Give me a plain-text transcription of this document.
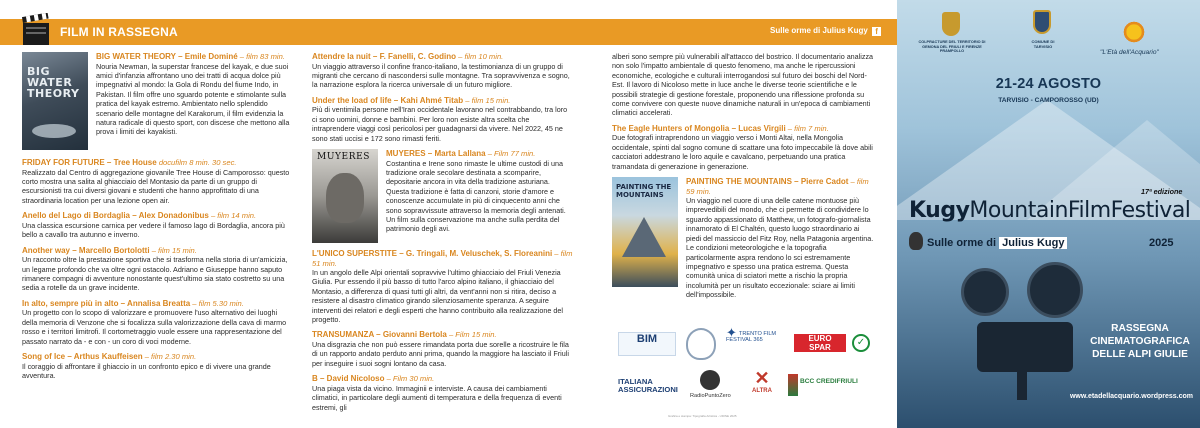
FILM IN RASSEGNA	Sulle orme di Julius Kugy f
BIG WATER THEORY
BIG WATER THEORY – Emile Dominé – film 83 min.
Nouria Newman, la superstar francese del kayak, e due suoi amici d'infanzia affrontano uno dei tratti di acqua dolce più impegnativi al mondo: la Gola di Rondu del fiume Indo, in Pakistan. Il film offre uno sguardo potente e stimolante sulla pratica del kayak estremo. Ambientato nello splendido scenario delle montagne del Karakorum, il film evidenzia la natura radicale di questo sport, con discese che mettono alla prova i limiti dei kayakisti.
FRIDAY FOR FUTURE – Tree House docufilm 8 min. 30 sec.
Realizzato dal Centro di aggregazione giovanile Tree House di Camporosso: questo corto mostra una salita al ghiacciaio del Montasio da parte di un gruppo di escursionisti tra cui diversi giovani e studenti che hanno approfittato di una straordinaria location per una lezione open air.
Anello del Lago di Bordaglia – Alex Donadonibus – film 14 min.
Una classica escursione carnica per vedere il famoso lago di Bordaglia, ancora più bello a cavallo tra autunno e inverno.
Another way – Marcello Bortolotti – film 15 min.
Un racconto oltre la prestazione sportiva che si trasforma nella storia di un'amicizia, un legame profondo che va oltre ogni ostacolo. Adriano e Giuseppe hanno saputo rimanere compagni di avventure nonostante quest'ultimo sia stato costretto su una sedia a rotelle da un grave incidente.
In alto, sempre più in alto – Annalisa Breatta – film 5.30 min.
Un progetto con lo scopo di valorizzare e promuovere l'uso alternativo dei luoghi della memoria di Venzone che si focalizza sulla valorizzazione della cava di marmo rosso e i territori limitrofi. Il cortometraggio vuole essere una rappresentazione del passato narrato da - e con - un coro di voci moderne.
Song of Ice – Arthus Kauffeisen – film 2.30 min.
Il coraggio di affrontare il ghiaccio in un confronto epico e di vivere una grande avventura.
Attendre la nuit – F. Fanelli, C. Godino – film 10 min.
Un viaggio attraverso il confine franco-italiano, la testimonianza di un gruppo di migranti che cercano di nascondersi sulle montagne. Tra sopravvivenza e sogno, la narrazione esplora la ricerca universale di un futuro migliore.
Under the load of life – Kahi Ahmé Titab – film 15 min.
Più di ventimila persone nell'Iran occidentale lavorano nel contrabbando, tra loro ci sono uomini, donne e bambini. Per loro non esiste altra scelta che intraprendere viaggi così pericolosi per guadagnarsi da vivere. Nel 2022, 45 ne sono stati uccisi e 172 sono rimasti feriti.
MUYERES MUYERES – Marta Lallana – Film 77 min.
Costantina e Irene sono rimaste le ultime custodi di una tradizione orale secolare destinata a scomparire, depositarie ancora in vita della tradizione asturiana. Questa tradizione è fatta di canzoni, storie d'amore e conoscenze accumulate in più di cinquecento anni che sono sopravvissute attraverso la memoria degli antenati. Un film sulla conservazione ma anche sulla perdita del patrimonio degli avi.
L'UNICO SUPERSTITE – G. Tringali, M. Veluschek, S. Floreanini – film 51 min.
In un angolo delle Alpi orientali sopravvive l'ultimo ghiacciaio del Friuli Venezia Giulia. Pur essendo il più basso di tutto l'arco alpino italiano, il ghiacciaio del Montasio, a differenza di quasi tutti gli altri, da vent'anni non si ritira, deciso a resistere al disastro climatico girando silenziosamente speranza. A seguire interventi dei relatori e degli esperti che hanno contribuito alla realizzazione del progetto.
TRANSUMANZA – Giovanni Bertola – Film 15 min.
Una disgrazia che non può essere rimandata porta due sorelle a ricostruire le fila di un rapporto andato perduto anni prima, quando la maggiore ha lasciato il Friuli per inseguire i suoi sogni lontano da casa.
B – David Nicoloso – Film 30 min.
Una piaga vista da vicino. Immaginii e interviste. A causa dei cambiamenti climatici, in particolare degli aumenti di temperatura e della frequenza di eventi estremi, gli
alberi sono sempre più vulnerabili all'attacco del bostrico. Il documentario analizza non solo l'impatto ambientale di questo fenomeno, ma anche le ripercussioni economiche, ecologiche e culturali interrogandosi sul futuro dei boschi del Nord-Est. Il lavoro di Nicoloso mette in luce anche le diverse teorie scientifiche e le possibili strategie di gestione forestale, proponendo una riflessione profonda su come convivere con queste nuove dinamiche naturali in un'epoca di cambiamenti climatici accelerati.
The Eagle Hunters of Mongolia – Lucas Virgili – film 7 min.
Due fotografi intraprendono un viaggio verso i Monti Altai, nella Mongolia occidentale, spinti dal sogno comune di scattare una foto impeccabile là dove abili cacciatori addestrano le loro aquile e cavalcano, perpetuando una pratica tramandata di generazione in generazione.
PAINTING THE MOUNTAINS
PAINTING THE MOUNTAINS – Pierre Cadot – film 59 min.
Un viaggio nel cuore di una delle catene montuose più imprevedibili del mondo, che ci permette di condividere lo sguardo appassionato di Matthew, un fotografo-giornalista innamorato di El Chaltén, questo luogo straordinario ai piedi del massiccio del Fitz Roy, nella Patagonia argentina. Le condizioni meteorologiche e la topografia particolarmente aspra rendono lo sci estremamente impegnativo e spesso una pratica estrema. Questa comunità unica di sciatori mette a rischio la propria incolumità per un risultato eccezionale: sciare ai limiti dell'impossibile.
BIM	✦ TRENTO FILM FESTIVAL 365	EURO
SPAR	✓
ITALIANA
ASSICURAZIONI
RadioPuntoZero
✕
ALTRA
BCC CREDIFRIULI
Grafica e stampa: Tipografia Artistica - UDINE 2025
COLPRACTURE DEL TERRITORIO DI GEMONA DEL FRIULI E FIRENZE PRAMPOLLO
COMUNE DI TARVISIO
"L'Età dell'Acquario"
21-24 AGOSTO
TARVISIO - CAMPOROSSO (UD)
17ª edizione
KugyMountainFilmFestival
Sulle orme di Julius Kugy	2025
RASSEGNA
CINEMATOGRAFICA
DELLE ALPI GIULIE
www.etadellacquario.wordpress.com
